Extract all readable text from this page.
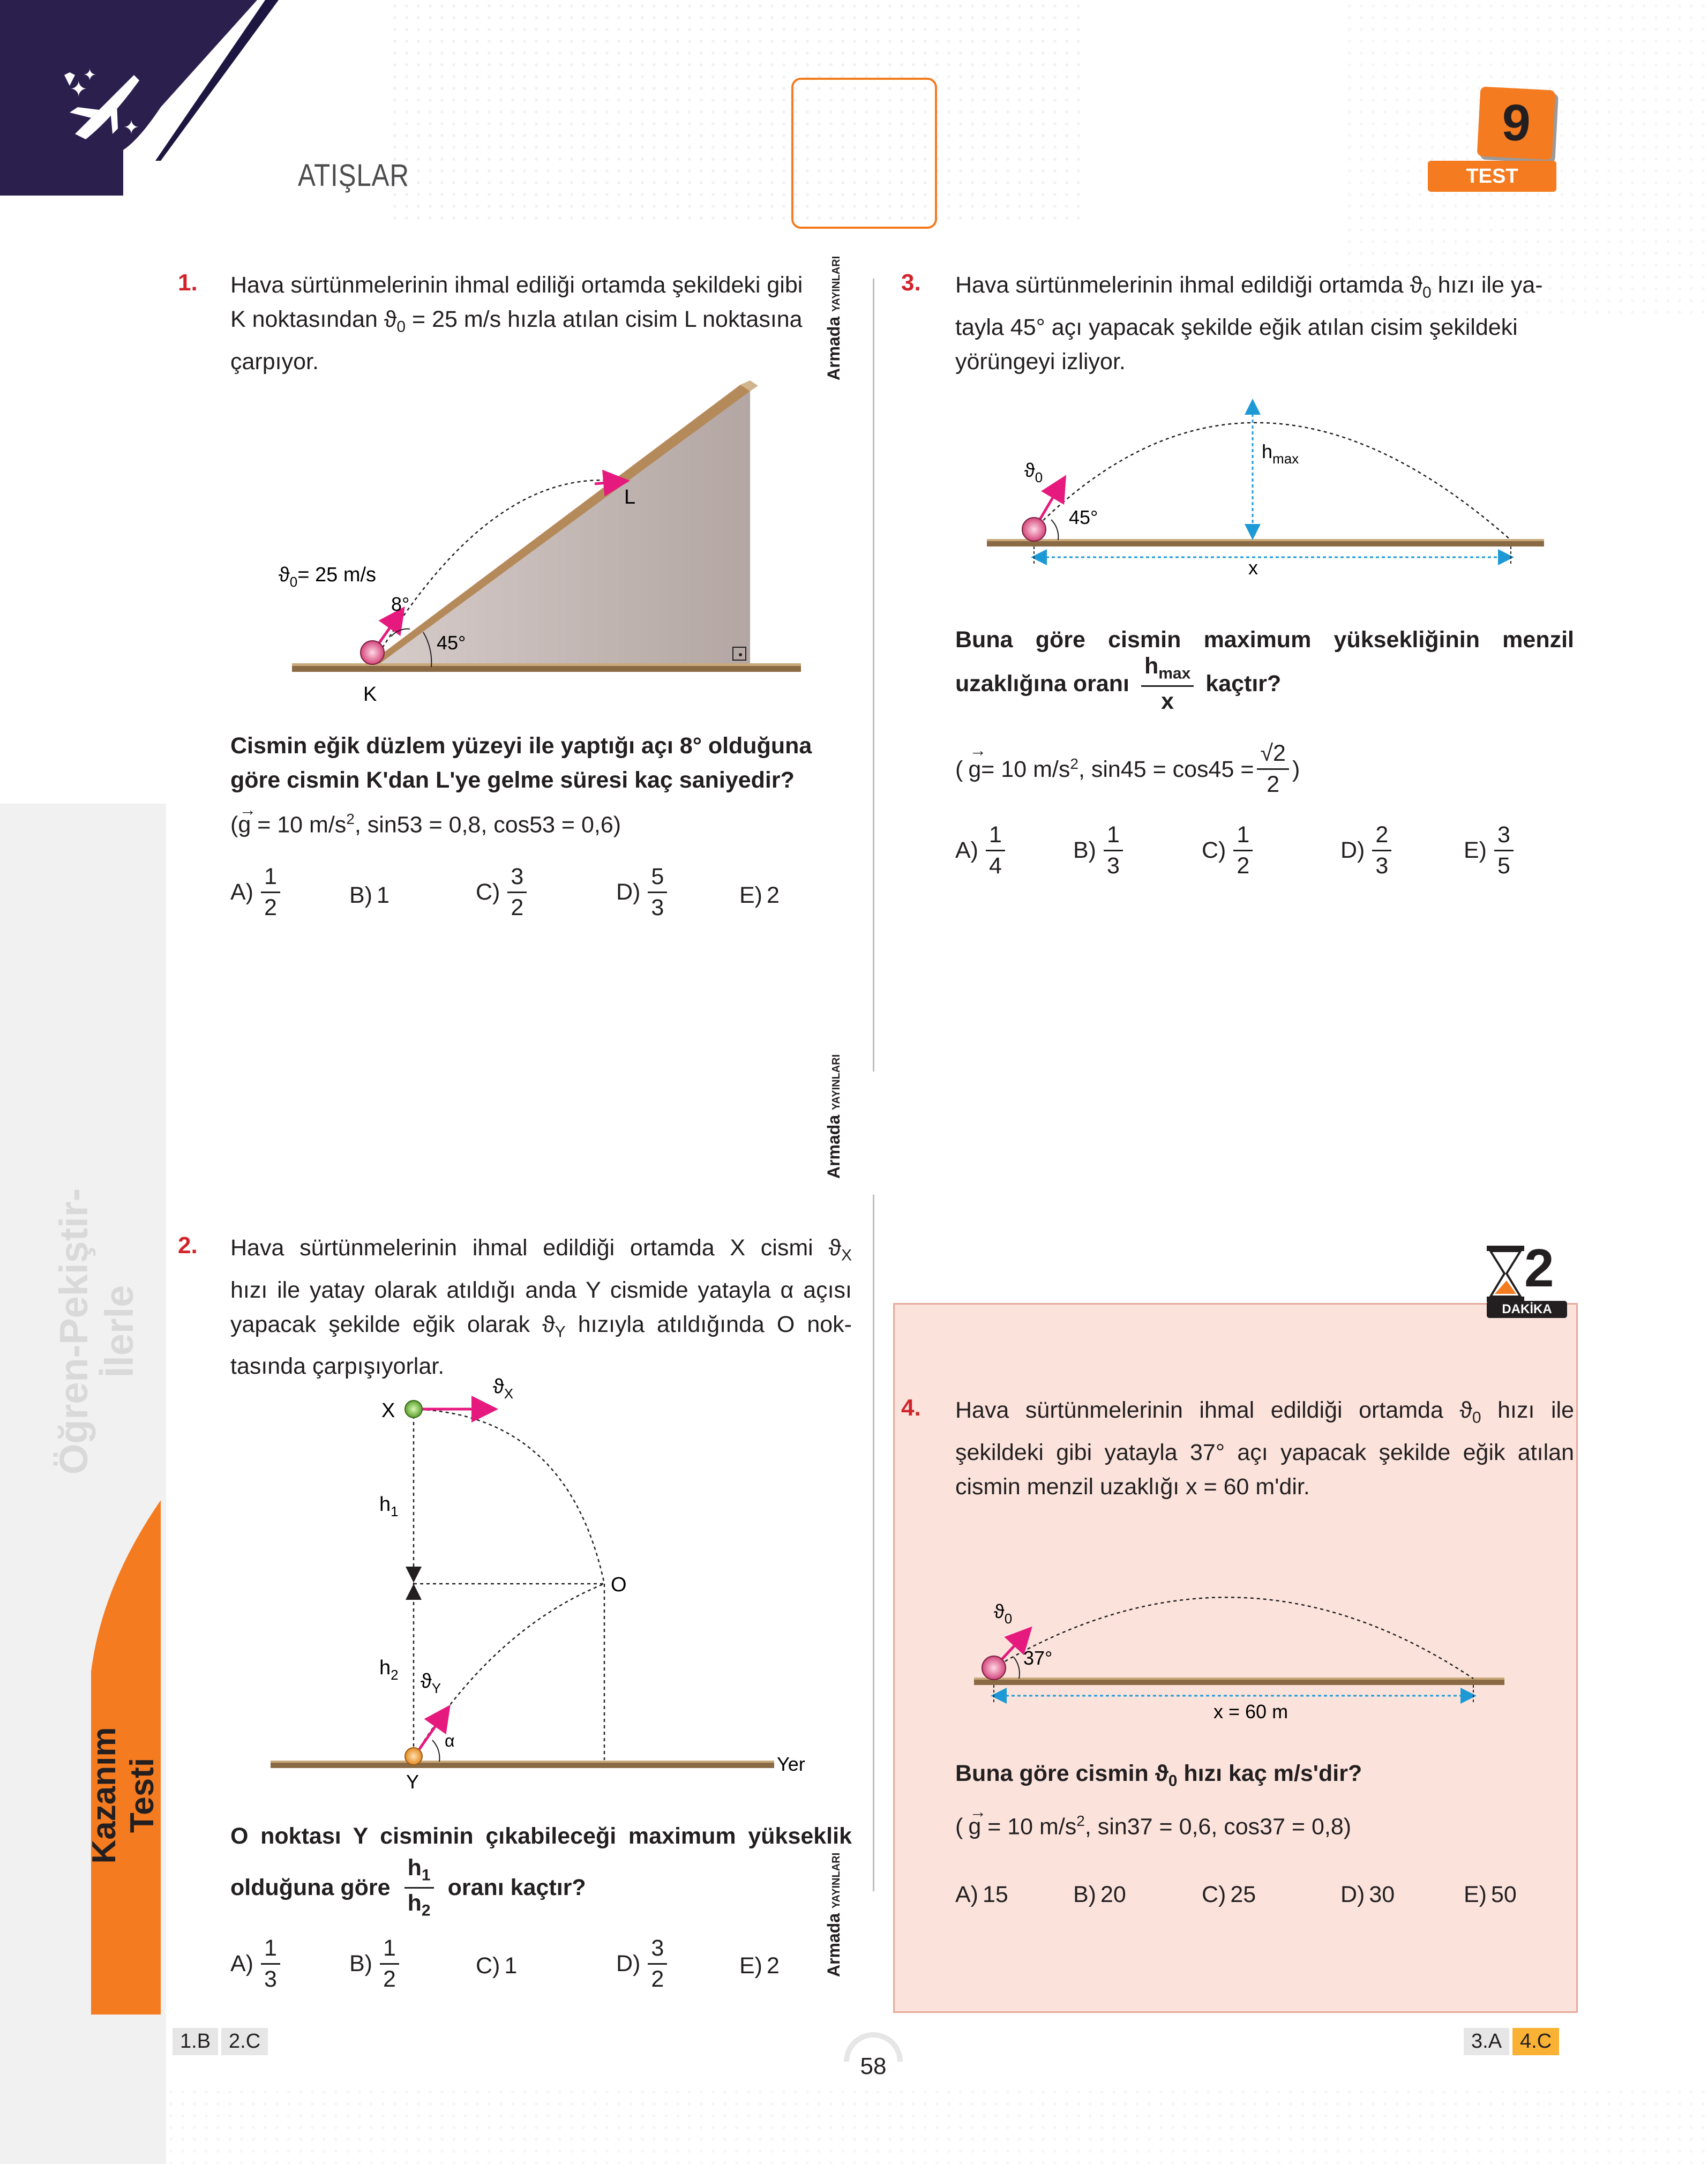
✦
✦
✦
ATIŞLAR
9
TEST
Öğren-Pekiştir-İlerle
Kazanım Testi
Armada YAYINLARI
Armada YAYINLARI
Armada YAYINLARI
1. Hava sürtünmelerinin ihmal ediliği ortamda şekildeki gibi
K noktasından $ϑ_0 = 25$ m/s hızla atılan cisim L noktasına
çarpıyor.
$ϑ_0= 25$ m/s
8°
45°
K
L
Cismin eğik düzlem yüzeyi ile yaptığı açı 8° olduğuna
göre cismin K'dan L'ye gelme süresi kaç saniyedir?
(
→
g = 10 $m/s^2$, sin53 = 0,8, cos53 = 0,6)
$A) \frac{1}{2}$	B) 1	$C) \frac{3}{2}$	$D) \frac{5}{3}$	E) 2
3. Hava sürtünmelerinin ihmal edildiği ortamda $ϑ_0$ hızı ile ya-
tayla 45° açı yapacak şekilde eğik atılan cisim şekildeki
yörüngeyi izliyor.
$ϑ_0$
45°
$h_{max}$
x
Buna göre cismin maximum yüksekliğinin menzil
uzaklığına oranı $\frac{h_{max}}{x}$ kaçtır?
(
→
g = 10 $m/s^2$ , $\sin 45 = \cos 45 = \frac{√2}{2}$ )
$A) \frac{1}{4}$	$B) \frac{1}{3}$	$C) \frac{1}{2}$	$D) \frac{2}{3}$	$E) \frac{3}{5}$
2. Hava sürtünmelerinin ihmal edildiği ortamda X cismi $ϑ_X$
hızı ile yatay olarak atıldığı anda Y cismide yatayla α açısı
yapacak şekilde eğik olarak $ϑ_Y$ hızıyla atıldığında O nok-
tasında çarpışıyorlar.
X
$ϑ_X$
$h_1$
O
$h_2$ $ϑ_Y$
α
Y
Yer
O noktası Y cisminin çıkabileceği maximum yükseklik
olduğuna göre $\frac{h_1}{h_2}$ oranı kaçtır?
$A) \frac{1}{3}$	$B) \frac{1}{2}$	C) 1	$D) \frac{3}{2}$	E) 2
2
DAKİKA
4. Hava sürtünmelerinin ihmal edildiği ortamda $ϑ_0$ hızı ile
şekildeki gibi yatayla 37° açı yapacak şekilde eğik atılan
cismin menzil uzaklığı x = 60 m'dir.
$ϑ_0$
37°
x = 60 m
Buna göre cismin $ϑ_0$ hızı kaç m/s'dir?
(
→
g = 10 $m/s^2$, sin37 = 0,6, cos37 = 0,8)
A) 15	B) 20	C) 25	D) 30	E) 50
1.B 2.C	3.A 4.C
58
